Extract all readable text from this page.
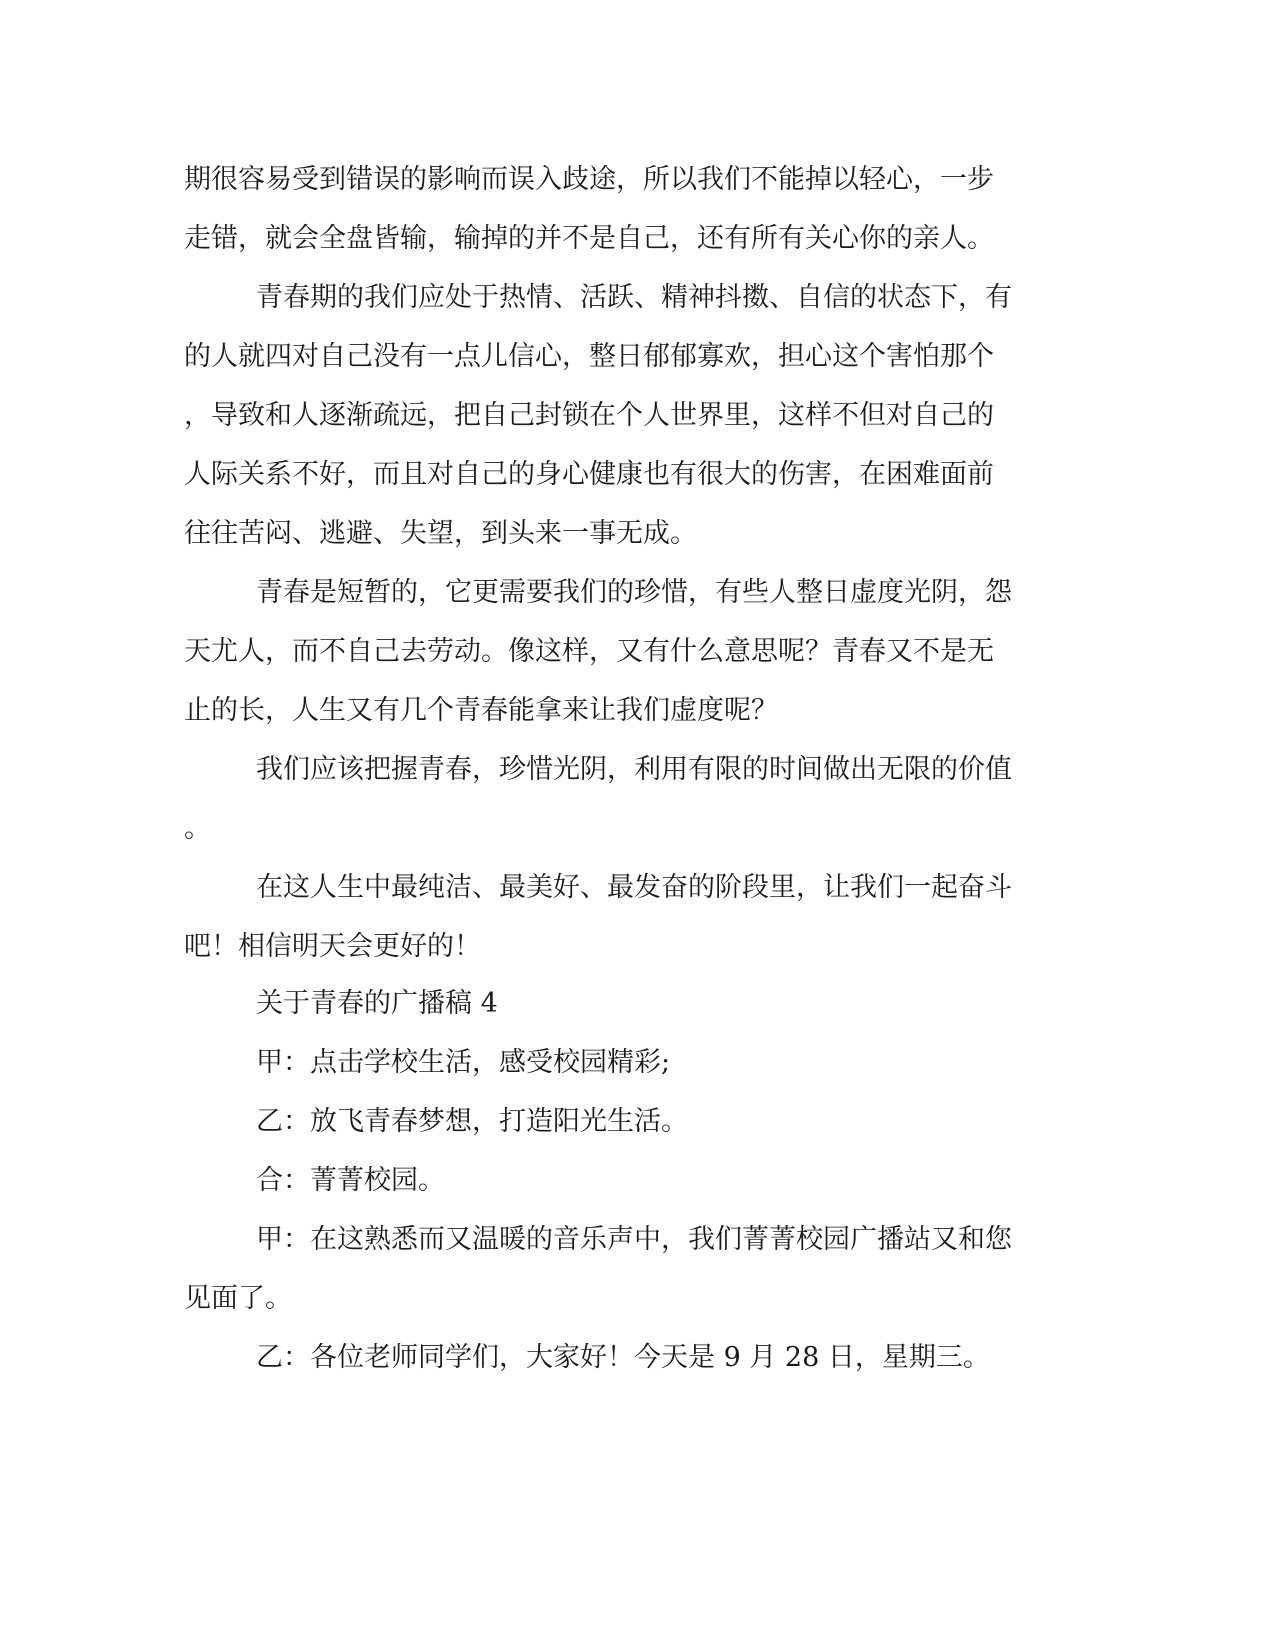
期很容易受到错误的影响而误入歧途，所以我们不能掉以轻心，一步
走错，就会全盘皆输，输掉的并不是自己，还有所有关心你的亲人。
青春期的我们应处于热情、活跃、精神抖擞、自信的状态下，有
的人就四对自己没有一点儿信心，整日郁郁寡欢，担心这个害怕那个
，导致和人逐渐疏远，把自己封锁在个人世界里，这样不但对自己的
人际关系不好，而且对自己的身心健康也有很大的伤害，在困难面前
往往苦闷、逃避、失望，到头来一事无成。
青春是短暂的，它更需要我们的珍惜，有些人整日虚度光阴，怨
天尤人，而不自己去劳动。像这样，又有什么意思呢？青春又不是无
止的长，人生又有几个青春能拿来让我们虚度呢？
我们应该把握青春，珍惜光阴，利用有限的时间做出无限的价值
。
在这人生中最纯洁、最美好、最发奋的阶段里，让我们一起奋斗
吧！相信明天会更好的！
关于青春的广播稿 4
甲：点击学校生活，感受校园精彩;
乙：放飞青春梦想，打造阳光生活。
合：菁菁校园。
甲：在这熟悉而又温暖的音乐声中，我们菁菁校园广播站又和您
见面了。
乙：各位老师同学们，大家好！今天是 9 月 28 日，星期三。
